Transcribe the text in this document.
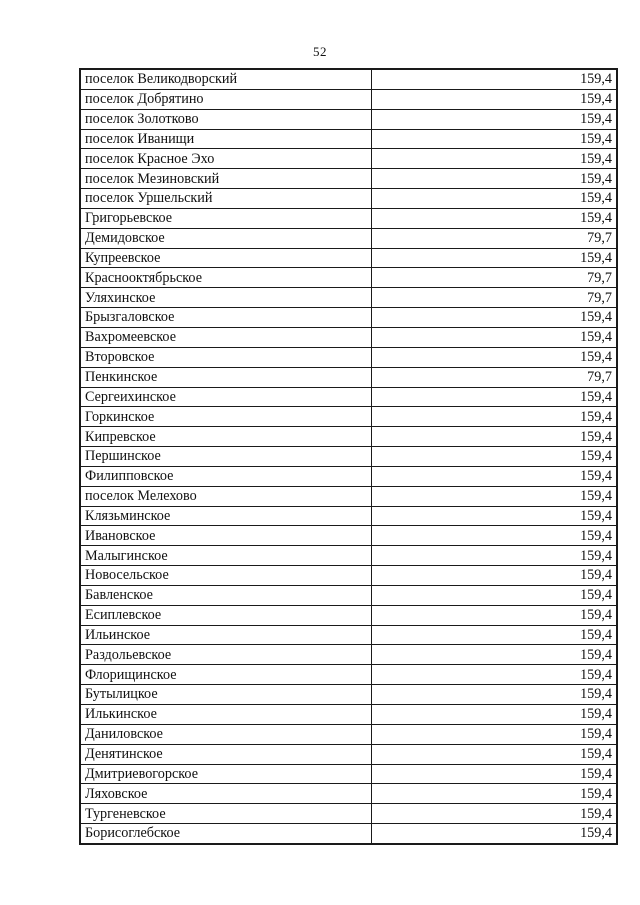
52
поселок Великодворский	159,4
поселок Добрятино	159,4
поселок Золотково	159,4
поселок Иванищи	159,4
поселок Красное Эхо	159,4
поселок Мезиновский	159,4
поселок Уршельский	159,4
Григорьевское	159,4
Демидовское	79,7
Купреевское	159,4
Краснооктябрьское	79,7
Уляхинское	79,7
Брызгаловское	159,4
Вахромеевское	159,4
Второвское	159,4
Пенкинское	79,7
Сергеихинское	159,4
Горкинское	159,4
Кипревское	159,4
Першинское	159,4
Филипповское	159,4
поселок Мелехово	159,4
Клязьминское	159,4
Ивановское	159,4
Малыгинское	159,4
Новосельское	159,4
Бавленское	159,4
Есиплевское	159,4
Ильинское	159,4
Раздольевское	159,4
Флорищинское	159,4
Бутылицкое	159,4
Илькинское	159,4
Даниловское	159,4
Денятинское	159,4
Дмитриевогорское	159,4
Ляховское	159,4
Тургеневское	159,4
Борисоглебское	159,4
